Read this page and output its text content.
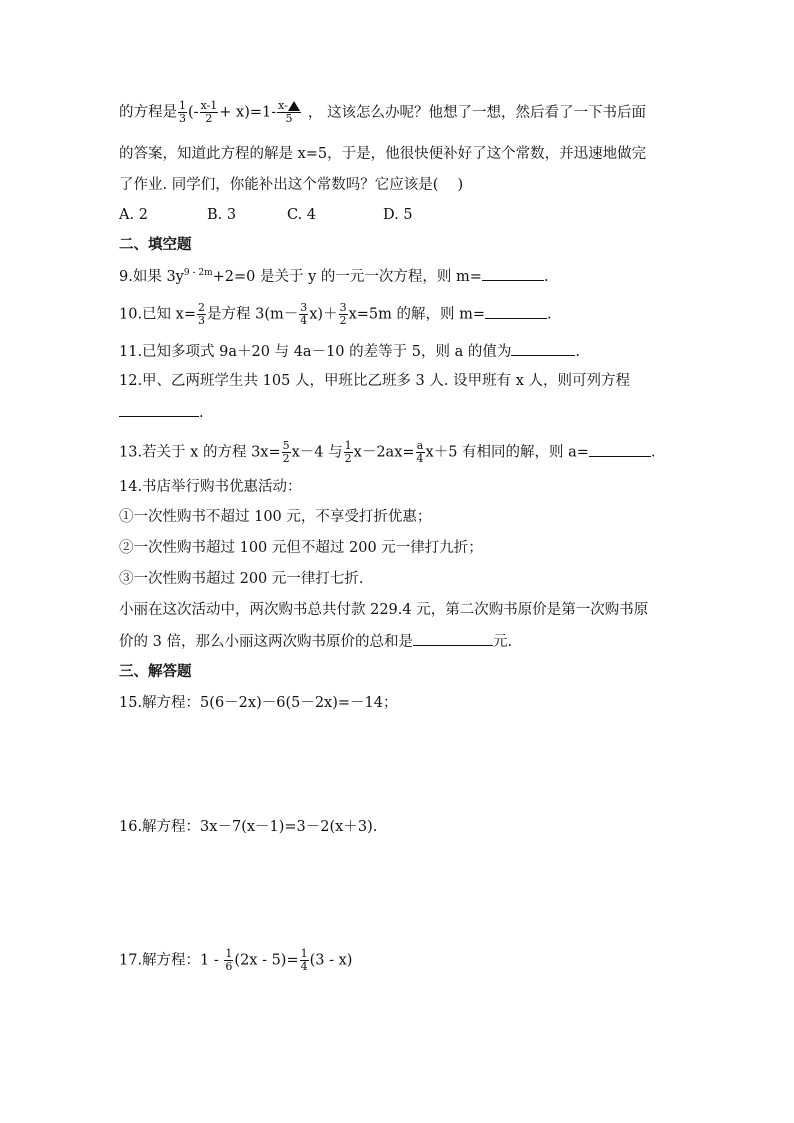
的方程是 $\frac{1}{3}$ (- $\frac{x-1}{2} + x)=1- \frac{x-}{5}$ ， 这该怎么办呢？他想了一想，然后看了一下书后面
的答案，知道此方程的解是 x=5，于是，他很快便补好了这个常数，并迅速地做完
了作业. 同学们，你能补出这个常数吗？它应该是(　 )
A. 2	B. 3	C. 4	D. 5
二、填空题
9.如果 $3y^{9 - 2m}+2=0$ 是关于 y 的一元一次方程，则 m=	.
10.已知 $x= \frac{2}{3}$ 是方程 $3(m- \frac{3}{4} x)+ \frac{3}{2} x=5m$ 的解，则 m=	.
11.已知多项式 9a＋20 与 4a－10 的差等于 5，则 a 的值为	.
12.甲、乙两班学生共 105 人，甲班比乙班多 3 人. 设甲班有 x 人，则可列方程
.
13.若关于 x 的方程 $3x= \frac{5}{2} x-4$ 与 $\frac{1}{2} x-2ax= \frac{a}{4} x+5$ 有相同的解，则 a=	.
14.书店举行购书优惠活动：
①一次性购书不超过 100 元，不享受打折优惠；
②一次性购书超过 100 元但不超过 200 元一律打九折；
③一次性购书超过 200 元一律打七折.
小丽在这次活动中，两次购书总共付款 229.4 元，第二次购书原价是第一次购书原
价的 3 倍，那么小丽这两次购书原价的总和是	元.
三、解答题
15.解方程：5(6－2x)－6(5－2x)=－14；
16.解方程：3x－7(x－1)=3－2(x＋3).
17.解方程：$1 - \frac{1}{6} (2x - 5)= \frac{1}{4} (3 - x)$
